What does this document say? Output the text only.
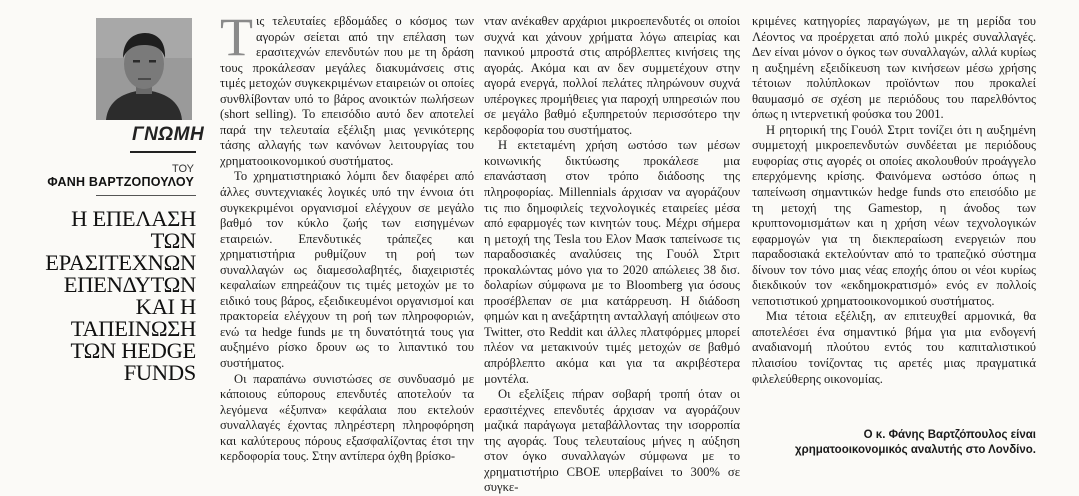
ΓΝΩΜΗ
ΤΟΥ
ΦΑΝΗ ΒΑΡΤΖΟΠΟΥΛΟΥ
Η ΕΠΕΛΑΣΗ
ΤΩΝ
ΕΡΑΣΙΤΕΧΝΩΝ
ΕΠΕΝΔΥΤΩΝ
ΚΑΙ Η
ΤΑΠΕΙΝΩΣΗ
ΤΩΝ HEDGE
FUNDS

Τις τελευταίες εβδομάδες ο κόσμος των αγορών σείεται από την επέλαση των ερασιτεχνών επενδυτών που με τη δράση τους προκάλεσαν μεγάλες διακυμάνσεις στις τιμές μετοχών συγκεκριμένων εταιρειών οι οποίες συνθλίβονταν υπό το βάρος ανοικτών πωλήσεων (short selling). Το επεισόδιο αυτό δεν αποτελεί παρά την τελευταία εξέλιξη μιας γενικότερης τάσης αλλαγής των κανόνων λειτουργίας του χρηματοοικονομικού συστήματος.

Το χρηματιστηριακό λόμπι δεν διαφέρει από άλλες συντεχνιακές λογικές υπό την έννοια ότι συγκεκριμένοι οργανισμοί ελέγχουν σε μεγάλο βαθμό τον κύκλο ζωής των εισηγμένων εταιρειών. Επενδυτικές τράπεζες και χρηματιστήρια ρυθμίζουν τη ροή των συναλλαγών ως διαμεσολαβητές, διαχειριστές κεφαλαίων επηρεάζουν τις τιμές μετοχών με το ειδικό τους βάρος, εξειδικευμένοι οργανισμοί και πρακτορεία ελέγχουν τη ροή των πληροφοριών, ενώ τα hedge funds με τη δυνατότητά τους για αυξημένο ρίσκο δρουν ως το λιπαντικό του συστήματος.

Οι παραπάνω συνιστώσες σε συνδυασμό με κάποιους εύπορους επενδυτές αποτελούν τα λεγόμενα «έξυπνα» κεφάλαια που εκτελούν συναλλαγές έχοντας πληρέστερη πληροφόρηση και καλύτερους πόρους εξασφαλίζοντας έτσι την κερδοφορία τους. Στην αντίπερα όχθη βρίσκο-

νταν ανέκαθεν αρχάριοι μικροεπενδυτές οι οποίοι συχνά και χάνουν χρήματα λόγω απειρίας και πανικού μπροστά στις απρόβλεπτες κινήσεις της αγοράς. Ακόμα και αν δεν συμμετέχουν στην αγορά ενεργά, πολλοί πελάτες πληρώνουν συχνά υπέρογκες προμήθειες για παροχή υπηρεσιών που σε μεγάλο βαθμό εξυπηρετούν περισσότερο την κερδοφορία του συστήματος.

Η εκτεταμένη χρήση ωστόσο των μέσων κοινωνικής δικτύωσης προκάλεσε μια επανάσταση στον τρόπο διάδοσης της πληροφορίας. Millennials άρχισαν να αγοράζουν τις πιο δημοφιλείς τεχνολογικές εταιρείες μέσα από εφαρμογές των κινητών τους. Μέχρι σήμερα η μετοχή της Tesla του Ελον Μασκ ταπείνωσε τις παραδοσιακές αναλύσεις της Γουόλ Στριτ προκαλώντας μόνο για το 2020 απώλειες 38 δισ. δολαρίων σύμφωνα με το Bloomberg για όσους προσέβλεπαν σε μια κατάρρευση. Η διάδοση φημών και η ανεξάρτητη ανταλλαγή απόψεων στο Twitter, στο Reddit και άλλες πλατφόρμες μπορεί πλέον να μετακινούν τιμές μετοχών σε βαθμό απρόβλεπτο ακόμα και για τα ακριβέστερα μοντέλα.

Οι εξελίξεις πήραν σοβαρή τροπή όταν οι ερασιτέχνες επενδυτές άρχισαν να αγοράζουν μαζικά παράγωγα μεταβάλλοντας την ισορροπία της αγοράς. Τους τελευταίους μήνες η αύξηση στον όγκο συναλλαγών σύμφωνα με το χρηματιστήριο CBOE υπερβαίνει το 300% σε συγκε-

κριμένες κατηγορίες παραγώγων, με τη μερίδα του Λέοντος να προέρχεται από πολύ μικρές συναλλαγές. Δεν είναι μόνον ο όγκος των συναλλαγών, αλλά κυρίως η αυξημένη εξειδίκευση των κινήσεων μέσω χρήσης τέτοιων πολύπλοκων προϊόντων που προκαλεί θαυμασμό σε σχέση με περιόδους του παρελθόντος όπως η ιντερνετική φούσκα του 2001.

Η ρητορική της Γουόλ Στριτ τονίζει ότι η αυξημένη συμμετοχή μικροεπενδυτών συνδέεται με περιόδους ευφορίας στις αγορές οι οποίες ακολουθούν προάγγελο επερχόμενης κρίσης. Φαινόμενα ωστόσο όπως η ταπείνωση σημαντικών hedge funds στο επεισόδιο με τη μετοχή της Gamestop, η άνοδος των κρυπτονομισμάτων και η χρήση νέων τεχνολογικών εφαρμογών για τη διεκπεραίωση ενεργειών που παραδοσιακά εκτελούνταν από το τραπεζικό σύστημα δίνουν τον τόνο μιας νέας εποχής όπου οι νέοι κυρίως διεκδικούν τον «εκδημοκρατισμό» ενός εν πολλοίς νεποτιστικού χρηματοοικονομικού συστήματος.

Μια τέτοια εξέλιξη, αν επιτευχθεί αρμονικά, θα αποτελέσει ένα σημαντικό βήμα για μια ενδογενή αναδιανομή πλούτου εντός του καπιταλιστικού πλαισίου τονίζοντας τις αρετές μιας πραγματικά φιλελεύθερης οικονομίας.

Ο κ. Φάνης Βαρτζόπουλος είναι χρηματοοικονομικός αναλυτής στο Λονδίνο.
